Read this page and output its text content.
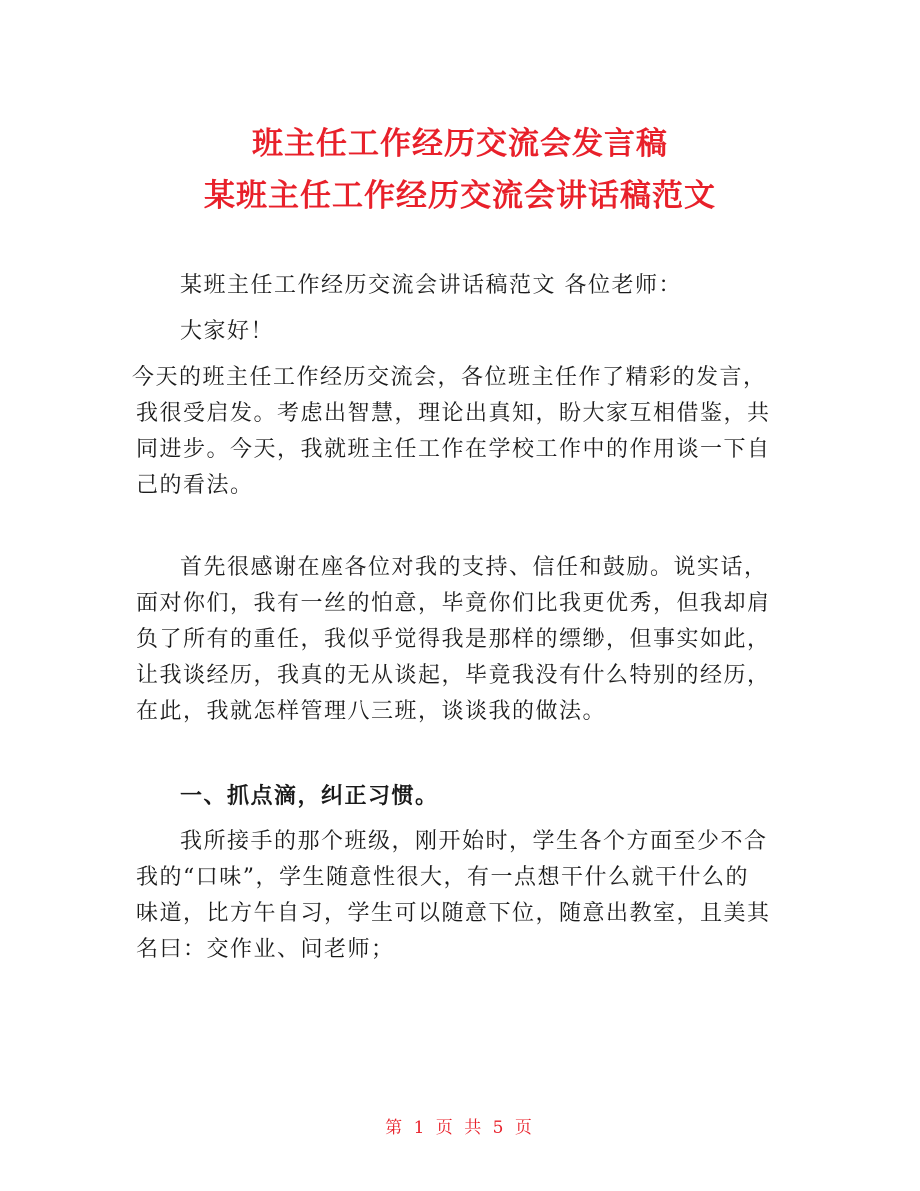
班主任工作经历交流会发言稿
某班主任工作经历交流会讲话稿范文
某班主任工作经历交流会讲话稿范文 各位老师：
大家好！
今天的班主任工作经历交流会，各位班主任作了精彩的发言，
我很受启发。考虑出智慧，理论出真知，盼大家互相借鉴，共
同进步。今天，我就班主任工作在学校工作中的作用谈一下自
己的看法。
首先很感谢在座各位对我的支持、信任和鼓励。说实话，
面对你们，我有一丝的怕意，毕竟你们比我更优秀，但我却肩
负了所有的重任，我似乎觉得我是那样的缥缈，但事实如此，
让我谈经历，我真的无从谈起，毕竟我没有什么特别的经历，
在此，我就怎样管理八三班，谈谈我的做法。
一、抓点滴，纠正习惯。
我所接手的那个班级，刚开始时，学生各个方面至少不合
我的“口味”，学生随意性很大，有一点想干什么就干什么的
味道，比方午自习，学生可以随意下位，随意出教室，且美其
名曰：交作业、问老师；
第 1 页 共 5 页
